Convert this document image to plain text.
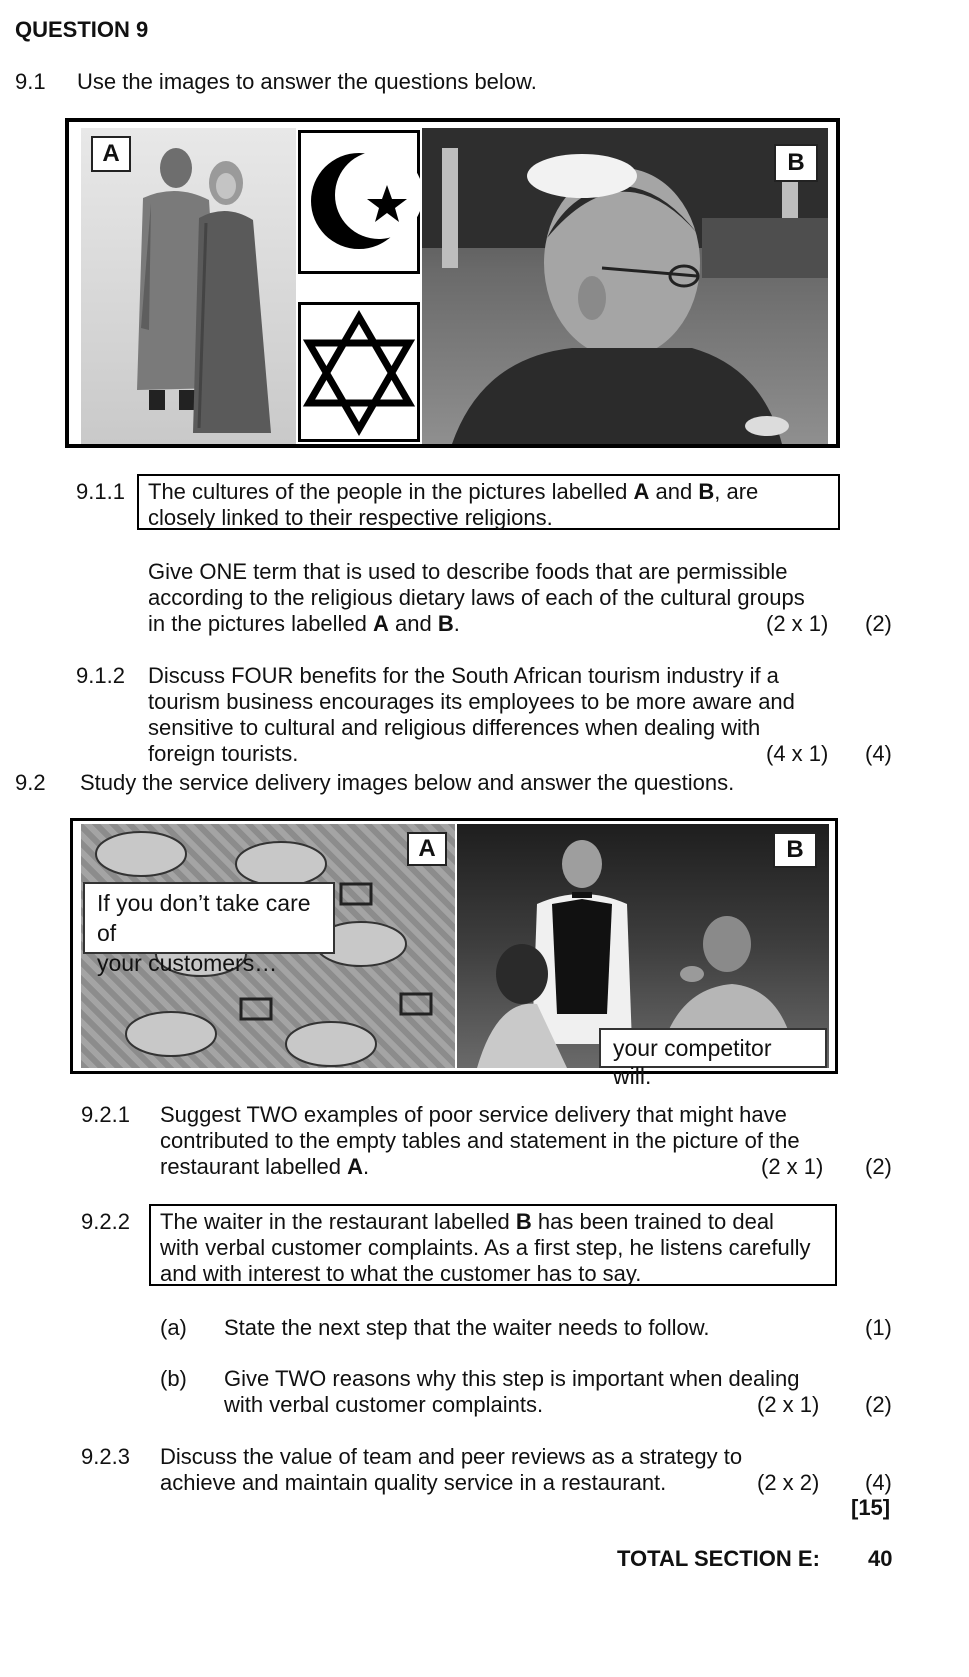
QUESTION 9
9.1 Use the images to answer the questions below.
A	B
9.1.1 The cultures of the people in the pictures labelled A and B, are
closely linked to their respective religions.
Give ONE term that is used to describe foods that are permissible
according to the religious dietary laws of each of the cultural groups
in the pictures labelled A and B.	(2 x 1) (2)
9.1.2 Discuss FOUR benefits for the South African tourism industry if a
tourism business encourages its employees to be more aware and
sensitive to cultural and religious differences when dealing with
foreign tourists.	(4 x 1) (4)
9.2 Study the service delivery images below and answer the questions.
A
If you don’t take care of
your customers…
B
your competitor will.
9.2.1 Suggest TWO examples of poor service delivery that might have
contributed to the empty tables and statement in the picture of the
restaurant labelled A.	(2 x 1) (2)
9.2.2 The waiter in the restaurant labelled B has been trained to deal
with verbal customer complaints. As a first step, he listens carefully
and with interest to what the customer has to say.
(a) State the next step that the waiter needs to follow.	(1)
(b) Give TWO reasons why this step is important when dealing
with verbal customer complaints.	(2 x 1) (2)
9.2.3 Discuss the value of team and peer reviews as a strategy to
achieve and maintain quality service in a restaurant.	(2 x 2) (4)
[15]
TOTAL SECTION E: 40
